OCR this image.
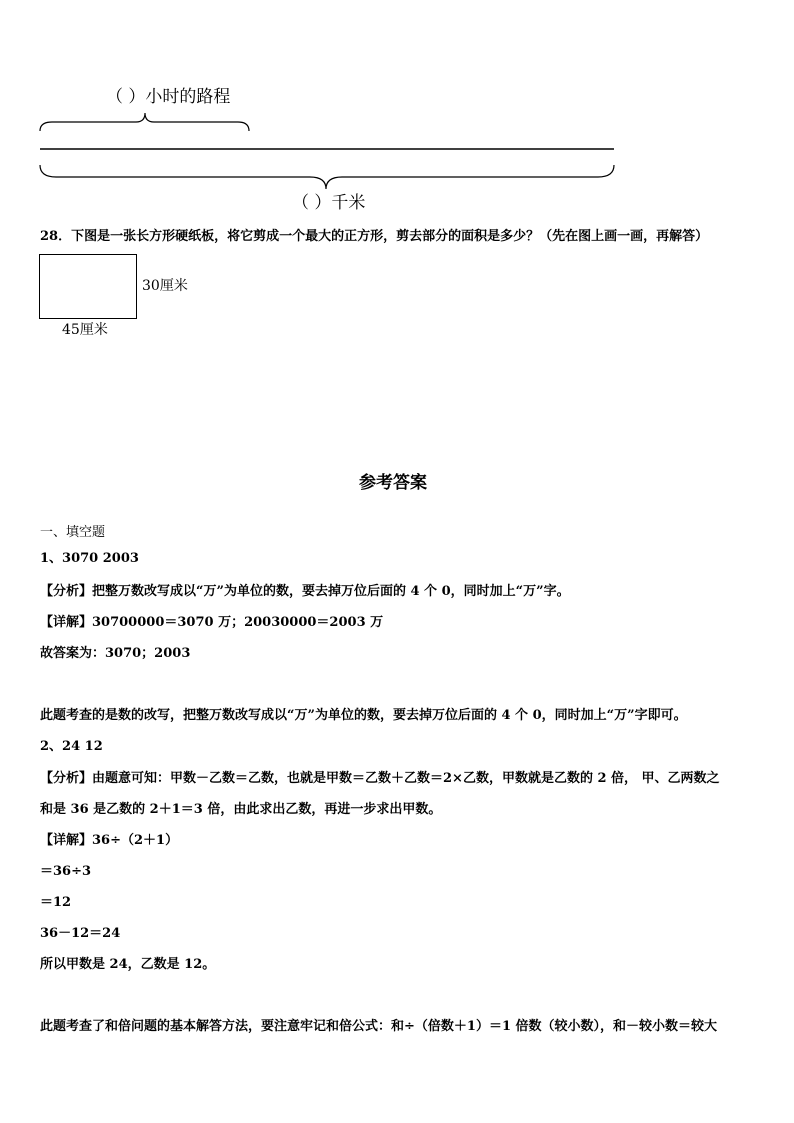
（ ）小时的路程
（ ）千米
28．下图是一张长方形硬纸板，将它剪成一个最大的正方形，剪去部分的面积是多少？（先在图上画一画，再解答）
30厘米
45厘米
参考答案
一、填空题
1、3070 2003
【分析】把整万数改写成以“万”为单位的数，要去掉万位后面的 4 个 0，同时加上“万”字。
【详解】30700000＝3070 万；20030000＝2003 万
故答案为：3070；2003
此题考查的是数的改写，把整万数改写成以“万”为单位的数，要去掉万位后面的 4 个 0，同时加上“万”字即可。
2、24 12
【分析】由题意可知：甲数－乙数＝乙数，也就是甲数＝乙数＋乙数＝2×乙数，甲数就是乙数的 2 倍， 甲、乙两数之
和是 36 是乙数的 2＋1＝3 倍，由此求出乙数，再进一步求出甲数。
【详解】36÷（2＋1）
＝36÷3
＝12
36－12＝24
所以甲数是 24，乙数是 12。
此题考查了和倍问题的基本解答方法，要注意牢记和倍公式：和÷（倍数＋1）＝1 倍数（较小数），和－较小数＝较大
